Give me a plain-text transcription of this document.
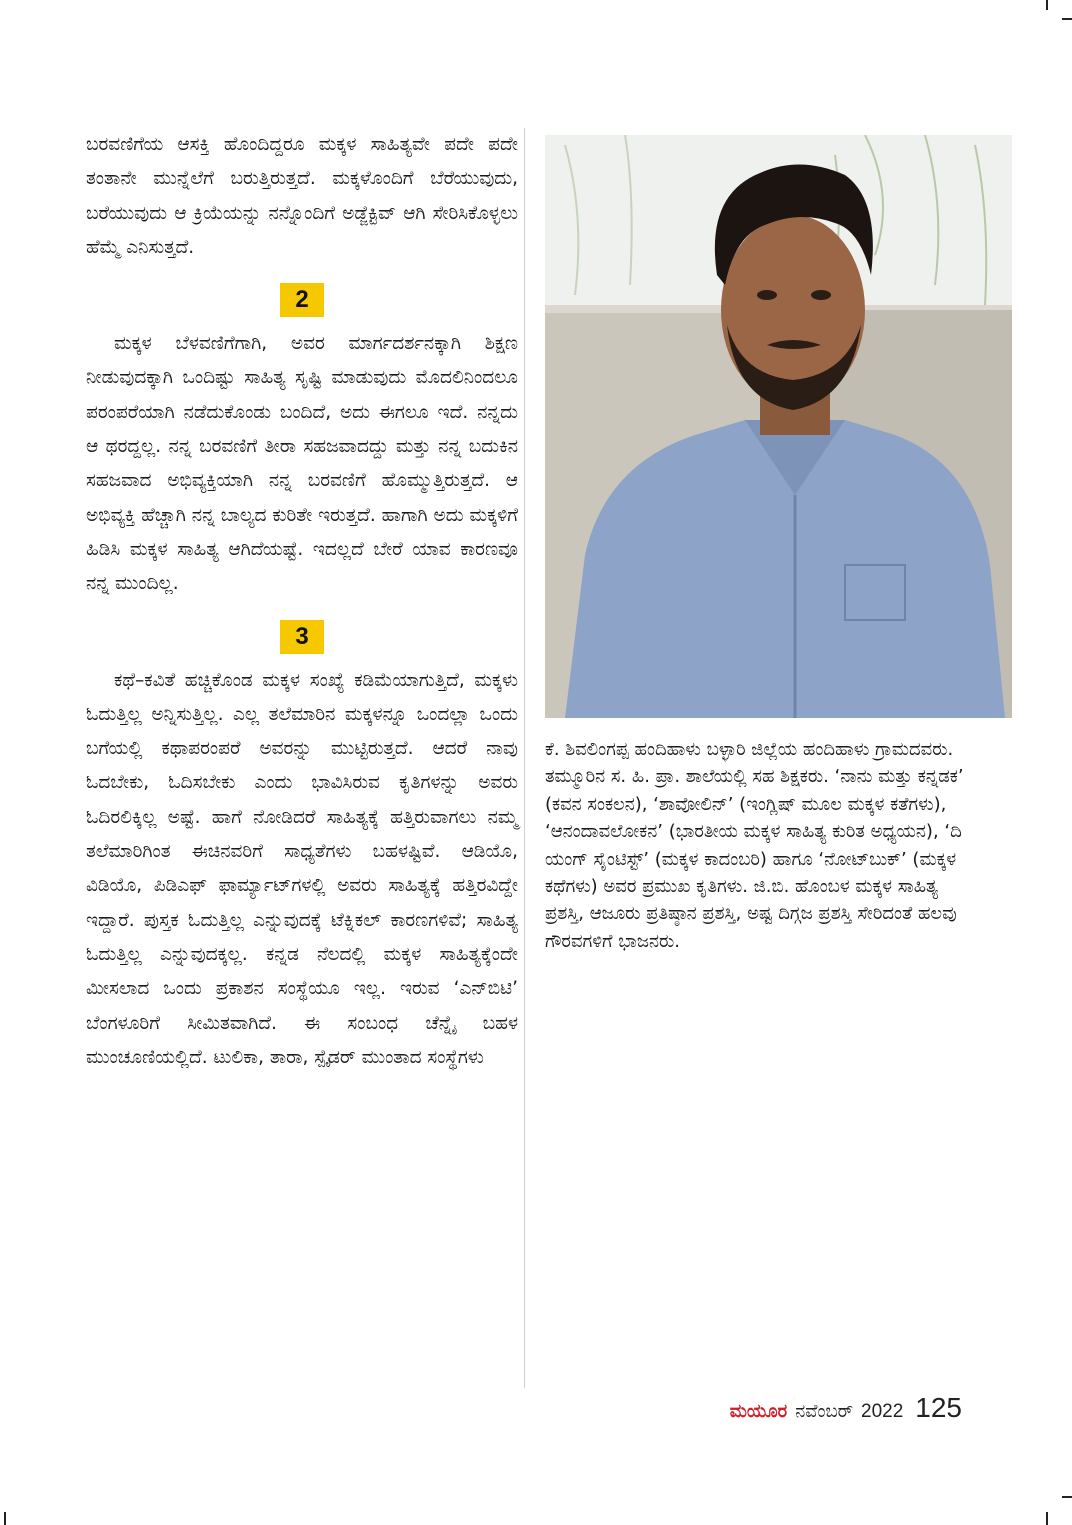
ಬರವಣಿಗೆಯ ಆಸಕ್ತಿ ಹೊಂದಿದ್ದರೂ ಮಕ್ಕಳ ಸಾಹಿತ್ಯವೇ ಪದೇ ಪದೇ ತಂತಾನೇ ಮುನ್ನೆಲೆಗೆ ಬರುತ್ತಿರುತ್ತದೆ. ಮಕ್ಕಳೊಂದಿಗೆ ಬೆರೆಯುವುದು, ಬರೆಯುವುದು ಆ ಕ್ರಿಯೆಯನ್ನು ನನ್ನೊಂದಿಗೆ ಅಡ್ಜೆಕ್ಟಿವ್ ಆಗಿ ಸೇರಿಸಿಕೊಳ್ಳಲು ಹೆಮ್ಮೆ ಎನಿಸುತ್ತದೆ.

2

ಮಕ್ಕಳ ಬೆಳವಣಿಗೆಗಾಗಿ, ಅವರ ಮಾರ್ಗದರ್ಶನಕ್ಕಾಗಿ ಶಿಕ್ಷಣ ನೀಡುವುದಕ್ಕಾಗಿ ಒಂದಿಷ್ಟು ಸಾಹಿತ್ಯ ಸೃಷ್ಟಿ ಮಾಡುವುದು ಮೊದಲಿನಿಂದಲೂ ಪರಂಪರೆಯಾಗಿ ನಡೆದುಕೊಂಡು ಬಂದಿದೆ, ಅದು ಈಗಲೂ ಇದೆ. ನನ್ನದು ಆ ಥರದ್ದಲ್ಲ. ನನ್ನ ಬರವಣಿಗೆ ತೀರಾ ಸಹಜವಾದದ್ದು ಮತ್ತು ನನ್ನ ಬದುಕಿನ ಸಹಜವಾದ ಅಭಿವ್ಯಕ್ತಿಯಾಗಿ ನನ್ನ ಬರವಣಿಗೆ ಹೊಮ್ಮುತ್ತಿರುತ್ತದೆ. ಆ ಅಭಿವ್ಯಕ್ತಿ ಹೆಚ್ಚಾಗಿ ನನ್ನ ಬಾಲ್ಯದ ಕುರಿತೇ ಇರುತ್ತದೆ. ಹಾಗಾಗಿ ಅದು ಮಕ್ಕಳಿಗೆ ಹಿಡಿಸಿ ಮಕ್ಕಳ ಸಾಹಿತ್ಯ ಆಗಿದೆಯಷ್ಟೆ. ಇದಲ್ಲದೆ ಬೇರೆ ಯಾವ ಕಾರಣವೂ ನನ್ನ ಮುಂದಿಲ್ಲ.

3

ಕಥೆ–ಕವಿತೆ ಹಚ್ಚಿಕೊಂಡ ಮಕ್ಕಳ ಸಂಖ್ಯೆ ಕಡಿಮೆಯಾಗುತ್ತಿದೆ, ಮಕ್ಕಳು ಓದುತ್ತಿಲ್ಲ ಅನ್ನಿಸುತ್ತಿಲ್ಲ. ಎಲ್ಲ ತಲೆಮಾರಿನ ಮಕ್ಕಳನ್ನೂ ಒಂದಲ್ಲಾ ಒಂದು ಬಗೆಯಲ್ಲಿ ಕಥಾಪರಂಪರೆ ಅವರನ್ನು ಮುಟ್ಟಿರುತ್ತದೆ. ಆದರೆ ನಾವು ಓದಬೇಕು, ಓದಿಸಬೇಕು ಎಂದು ಭಾವಿಸಿರುವ ಕೃತಿಗಳನ್ನು ಅವರು ಓದಿರಲಿಕ್ಕಿಲ್ಲ ಅಷ್ಟೆ. ಹಾಗೆ ನೋಡಿದರೆ ಸಾಹಿತ್ಯಕ್ಕೆ ಹತ್ತಿರುವಾಗಲು ನಮ್ಮ ತಲೆಮಾರಿಗಿಂತ ಈಚಿನವರಿಗೆ ಸಾಧ್ಯತೆಗಳು ಬಹಳಷ್ಟಿವೆ. ಆಡಿಯೊ, ವಿಡಿಯೊ, ಪಿಡಿಎಫ್ ಫಾರ್ಮ್ಯಾಟ್‌ಗಳಲ್ಲಿ ಅವರು ಸಾಹಿತ್ಯಕ್ಕೆ ಹತ್ತಿರವಿದ್ದೇ ಇದ್ದಾರೆ. ಪುಸ್ತಕ ಓದುತ್ತಿಲ್ಲ ಎನ್ನುವುದಕ್ಕೆ ಟೆಕ್ನಿಕಲ್ ಕಾರಣಗಳಿವೆ; ಸಾಹಿತ್ಯ ಓದುತ್ತಿಲ್ಲ ಎನ್ನುವುದಕ್ಕಲ್ಲ. ಕನ್ನಡ ನೆಲದಲ್ಲಿ ಮಕ್ಕಳ ಸಾಹಿತ್ಯಕ್ಕೆಂದೇ ಮೀಸಲಾದ ಒಂದು ಪ್ರಕಾಶನ ಸಂಸ್ಥೆಯೂ ಇಲ್ಲ. ಇರುವ ‘ಎನ್‌ಬಿಟಿ’ ಬೆಂಗಳೂರಿಗೆ ಸೀಮಿತವಾಗಿದೆ. ಈ ಸಂಬಂಧ ಚೆನ್ನೈ ಬಹಳ ಮುಂಚೂಣಿಯಲ್ಲಿದೆ. ಟುಲಿಕಾ, ತಾರಾ, ಸ್ಪೈಡರ್ ಮುಂತಾದ ಸಂಸ್ಥೆಗಳು

ಕೆ. ಶಿವಲಿಂಗಪ್ಪ ಹಂದಿಹಾಳು ಬಳ್ಳಾರಿ ಜಿಲ್ಲೆಯ ಹಂದಿಹಾಳು ಗ್ರಾಮದವರು. ತಮ್ಮೂರಿನ ಸ. ಹಿ. ಪ್ರಾ. ಶಾಲೆಯಲ್ಲಿ ಸಹ ಶಿಕ್ಷಕರು. ‘ನಾನು ಮತ್ತು ಕನ್ನಡಕ’ (ಕವನ ಸಂಕಲನ), ‘ಶಾವೋಲಿನ್’ (ಇಂಗ್ಲಿಷ್ ಮೂಲ ಮಕ್ಕಳ ಕತೆಗಳು), ‘ಆನಂದಾವಲೋಕನ’ (ಭಾರತೀಯ ಮಕ್ಕಳ ಸಾಹಿತ್ಯ ಕುರಿತ ಅಧ್ಯಯನ), ‘ದಿ ಯಂಗ್ ಸೈಂಟಿಸ್ಟ್’ (ಮಕ್ಕಳ ಕಾದಂಬರಿ) ಹಾಗೂ ‘ನೋಟ್‌ಬುಕ್’ (ಮಕ್ಕಳ ಕಥೆಗಳು) ಅವರ ಪ್ರಮುಖ ಕೃತಿಗಳು. ಜಿ.ಬಿ. ಹೊಂಬಳ ಮಕ್ಕಳ ಸಾಹಿತ್ಯ ಪ್ರಶಸ್ತಿ, ಆಜೂರು ಪ್ರತಿಷ್ಠಾನ ಪ್ರಶಸ್ತಿ, ಅಷ್ಟ ದಿಗ್ಗಜ ಪ್ರಶಸ್ತಿ ಸೇರಿದಂತೆ ಹಲವು ಗೌರವಗಳಿಗೆ ಭಾಜನರು.

ಮಯೂರ ನವೆಂಬರ್ 2022 125
